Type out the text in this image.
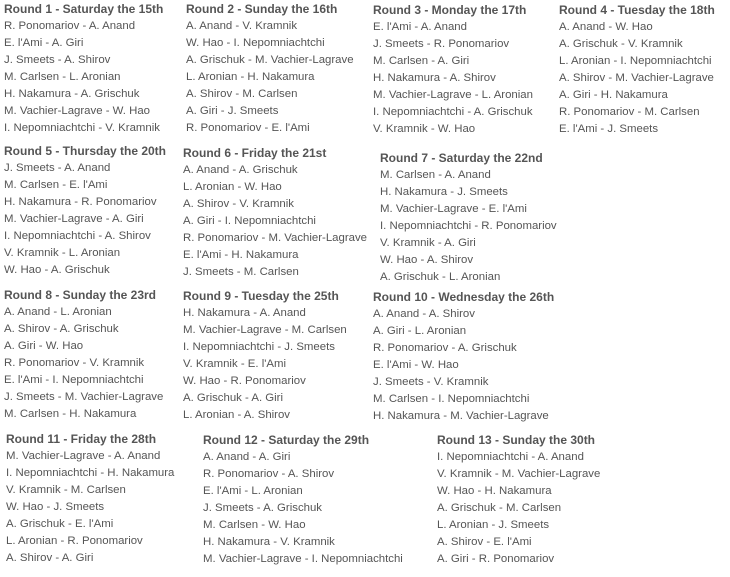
Round 1 - Saturday the 15th
R. Ponomariov - A. Anand
E. l'Ami - A. Giri
J. Smeets - A. Shirov
M. Carlsen - L. Aronian
H. Nakamura - A. Grischuk
M. Vachier-Lagrave - W. Hao
I. Nepomniachtchi - V. Kramnik
Round 2 - Sunday the 16th
A. Anand - V. Kramnik
W. Hao - I. Nepomniachtchi
A. Grischuk - M. Vachier-Lagrave
L. Aronian - H. Nakamura
A. Shirov - M. Carlsen
A. Giri - J. Smeets
R. Ponomariov - E. l'Ami
Round 3 - Monday the 17th
E. l'Ami - A. Anand
J. Smeets - R. Ponomariov
M. Carlsen - A. Giri
H. Nakamura - A. Shirov
M. Vachier-Lagrave - L. Aronian
I. Nepomniachtchi - A. Grischuk
V. Kramnik - W. Hao
Round 4 - Tuesday the 18th
A. Anand - W. Hao
A. Grischuk - V. Kramnik
L. Aronian - I. Nepomniachtchi
A. Shirov - M. Vachier-Lagrave
A. Giri - H. Nakamura
R. Ponomariov - M. Carlsen
E. l'Ami - J. Smeets
Round 5 - Thursday the 20th
J. Smeets - A. Anand
M. Carlsen - E. l'Ami
H. Nakamura - R. Ponomariov
M. Vachier-Lagrave - A. Giri
I. Nepomniachtchi - A. Shirov
V. Kramnik - L. Aronian
W. Hao - A. Grischuk
Round 6 - Friday the 21st
A. Anand - A. Grischuk
L. Aronian - W. Hao
A. Shirov - V. Kramnik
A. Giri - I. Nepomniachtchi
R. Ponomariov - M. Vachier-Lagrave
E. l'Ami - H. Nakamura
J. Smeets - M. Carlsen
Round 7 - Saturday the 22nd
M. Carlsen - A. Anand
H. Nakamura - J. Smeets
M. Vachier-Lagrave - E. l'Ami
I. Nepomniachtchi - R. Ponomariov
V. Kramnik - A. Giri
W. Hao - A. Shirov
A. Grischuk - L. Aronian
Round 8 - Sunday the 23rd
A. Anand - L. Aronian
A. Shirov - A. Grischuk
A. Giri - W. Hao
R. Ponomariov - V. Kramnik
E. l'Ami - I. Nepomniachtchi
J. Smeets - M. Vachier-Lagrave
M. Carlsen - H. Nakamura
Round 9 - Tuesday the 25th
H. Nakamura - A. Anand
M. Vachier-Lagrave - M. Carlsen
I. Nepomniachtchi - J. Smeets
V. Kramnik - E. l'Ami
W. Hao - R. Ponomariov
A. Grischuk - A. Giri
L. Aronian - A. Shirov
Round 10 - Wednesday the 26th
A. Anand - A. Shirov
A. Giri - L. Aronian
R. Ponomariov - A. Grischuk
E. l'Ami - W. Hao
J. Smeets - V. Kramnik
M. Carlsen - I. Nepomniachtchi
H. Nakamura - M. Vachier-Lagrave
Round 11 - Friday the 28th
M. Vachier-Lagrave - A. Anand
I. Nepomniachtchi - H. Nakamura
V. Kramnik - M. Carlsen
W. Hao - J. Smeets
A. Grischuk - E. l'Ami
L. Aronian - R. Ponomariov
A. Shirov - A. Giri
Round 12 - Saturday the 29th
A. Anand - A. Giri
R. Ponomariov - A. Shirov
E. l'Ami - L. Aronian
J. Smeets - A. Grischuk
M. Carlsen - W. Hao
H. Nakamura - V. Kramnik
M. Vachier-Lagrave - I. Nepomniachtchi
Round 13 - Sunday the 30th
I. Nepomniachtchi - A. Anand
V. Kramnik - M. Vachier-Lagrave
W. Hao - H. Nakamura
A. Grischuk - M. Carlsen
L. Aronian - J. Smeets
A. Shirov - E. l'Ami
A. Giri - R. Ponomariov
